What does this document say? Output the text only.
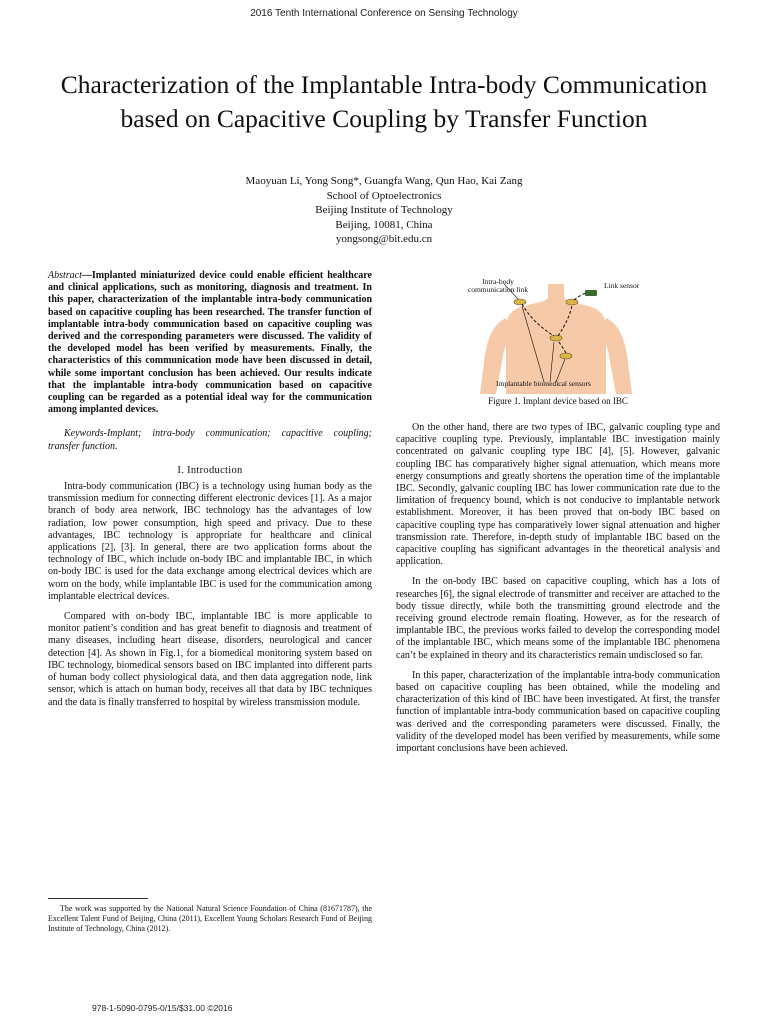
2016 Tenth International Conference on Sensing Technology
Characterization of the Implantable Intra-body Communication based on Capacitive Coupling by Transfer Function
Maoyuan Li, Yong Song*, Guangfa Wang, Qun Hao, Kai Zang
School of Optoelectronics
Beijing Institute of Technology
Beijing, 10081, China
yongsong@bit.edu.cn

Abstract—Implanted miniaturized device could enable efficient healthcare and clinical applications, such as monitoring, diagnosis and treatment. In this paper, characterization of the implantable intra-body communication based on capacitive coupling has been researched. The transfer function of implantable intra-body communication based on capacitive coupling was derived and the corresponding parameters were discussed. The validity of the developed model has been verified by measurements. Finally, the characteristics of this communication mode have been discussed in detail, while some important conclusion has been achieved. Our results indicate that the implantable intra-body communication based on capacitive coupling can be regarded as a potential ideal way for the communication among implanted devices.

Keywords-Implant; intra-body communication; capacitive coupling; transfer function.

I. Introduction

Intra-body communication (IBC) is a technology using human body as the transmission medium for connecting different electronic devices [1]. As a major branch of body area network, IBC technology has the advantages of low radiation, low power consumption, high speed and privacy. Due to these advantages, IBC technology is appropriate for healthcare and clinical applications [2], [3]. In general, there are two application forms about the technology of IBC, which include on-body IBC and implantable IBC, in which on-body IBC is used for the data exchange among electrical devices which are worn on the body, while implantable IBC is used for the communication among implantable electrical devices.

Compared with on-body IBC, implantable IBC is more applicable to monitor patient’s condition and has great benefit to diagnosis and treatment of many diseases, including heart disease, disorders, neurological and cancer detection [4]. As shown in Fig.1, for a biomedical monitoring system based on IBC technology, biomedical sensors based on IBC implanted into different parts of human body collect physiological data, and then data aggregation node, link sensor, which is attach on human body, receives all that data by IBC techniques and the data is finally transferred to hospital by wireless transmission module.

Intra-body communication link	Link sensor
Implantable biomedical sensors
Figure 1. Implant device based on IBC

On the other hand, there are two types of IBC, galvanic coupling type and capacitive coupling type. Previously, implantable IBC investigation mainly concentrated on galvanic coupling type IBC [4], [5]. However, galvanic coupling IBC has comparatively higher signal attenuation, which means more energy consumptions and greatly shortens the operation time of the implantable IBC. Secondly, galvanic coupling IBC has lower communication rate due to the limitation of frequency bound, which is not conducive to implantable network establishment. Moreover, it has been proved that on-body IBC based on capacitive coupling type has comparatively lower signal attenuation and higher transmission rate. Therefore, in-depth study of implantable IBC based on the capacitive coupling has significant advantages in the theoretical analysis and application.

In the on-body IBC based on capacitive coupling, which has a lots of researches [6], the signal electrode of transmitter and receiver are attached to the body tissue directly, while both the transmitting ground electrode and the receiving ground electrode remain floating. However, as for the research of implantable IBC, the previous works failed to develop the corresponding model of the implantable IBC, which means some of the implantable IBC phenomena can’t be explained in theory and its characteristics remain undisclosed so far.

In this paper, characterization of the implantable intra-body communication based on capacitive coupling has been obtained, while the modeling and characterization of this kind of IBC have been investigated. At first, the transfer function of implantable intra-body communication based on capacitive coupling was derived and the corresponding parameters were discussed. Finally, the validity of the developed model has been verified by measurements, while some important conclusions have been achieved.

The work was supported by the National Natural Science Foundation of China (81671787), the Excellent Talent Fund of Beijing, China (2011), Excellent Young Scholars Research Fund of Beijing Institute of Technology, China (2012).
978-1-5090-0795-0/15/$31.00 ©2016
